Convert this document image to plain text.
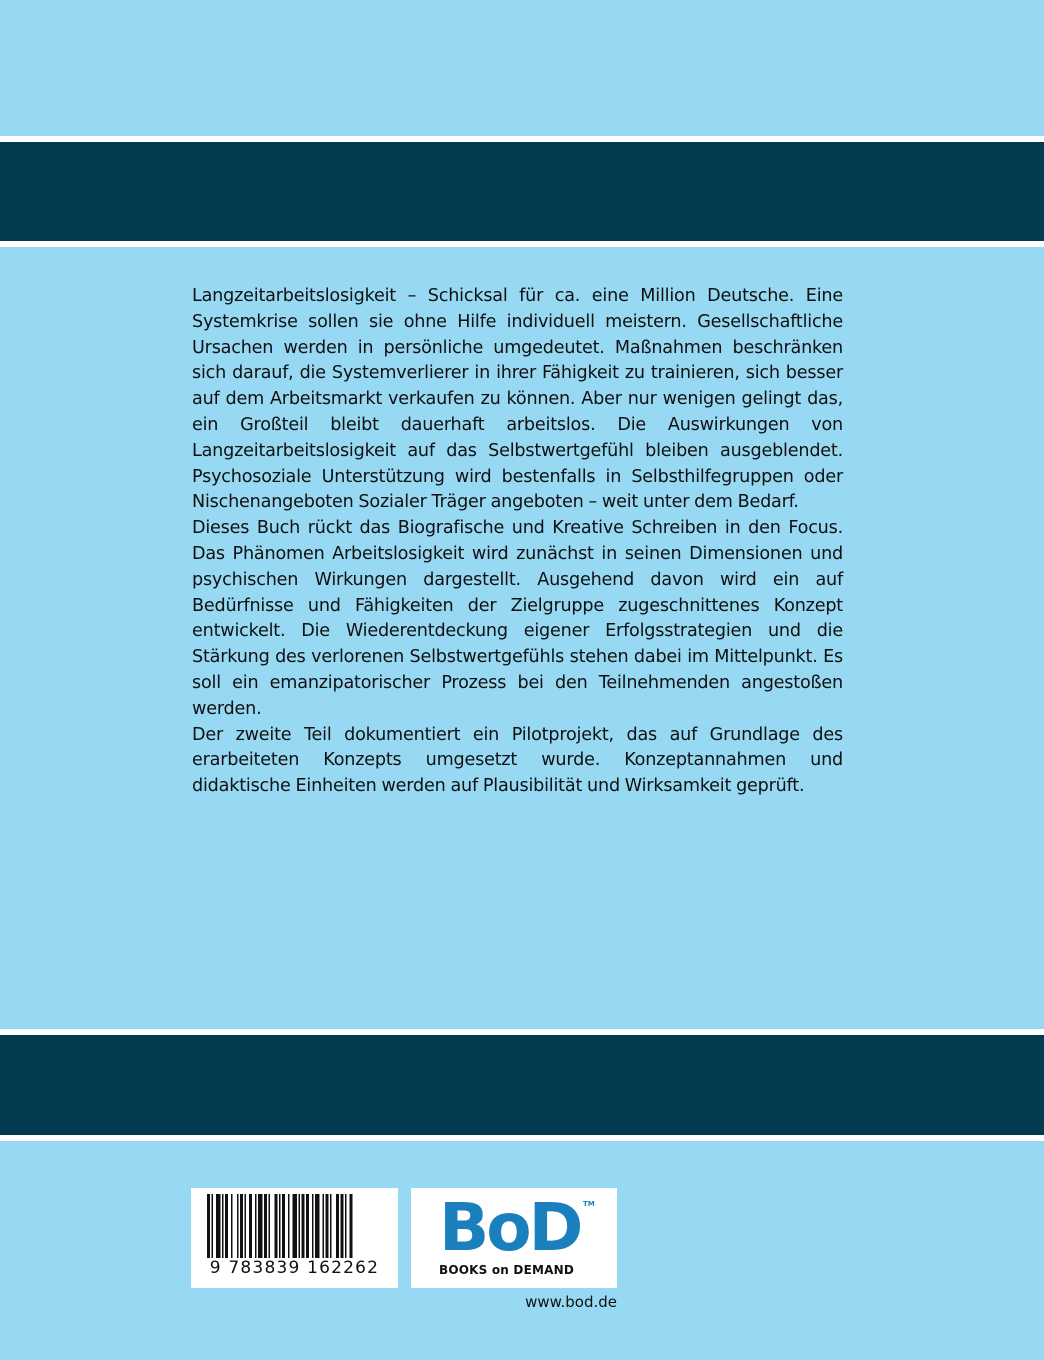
Langzeitarbeitslosigkeit – Schicksal für ca. eine Million Deutsche. Eine Systemkrise sollen sie ohne Hilfe individuell meistern. Gesellschaftliche Ursachen werden in persönliche umgedeutet. Maßnahmen beschränken sich darauf, die Systemverlierer in ihrer Fähigkeit zu trainieren, sich besser auf dem Arbeitsmarkt verkaufen zu können. Aber nur wenigen gelingt das, ein Großteil bleibt dauerhaft arbeitslos. Die Auswirkungen von Langzeitarbeitslosigkeit auf das Selbstwertgefühl bleiben ausgeblendet. Psychosoziale Unterstützung wird bestenfalls in Selbsthilfegruppen oder Nischenangeboten Sozialer Träger angeboten – weit unter dem Bedarf.

Dieses Buch rückt das Biografische und Kreative Schreiben in den Focus. Das Phänomen Arbeitslosigkeit wird zunächst in seinen Dimensionen und psychischen Wirkungen dargestellt. Ausgehend davon wird ein auf Bedürfnisse und Fähigkeiten der Zielgruppe zugeschnittenes Konzept entwickelt. Die Wiederentdeckung eigener Erfolgsstrategien und die Stärkung des verlorenen Selbstwertgefühls stehen dabei im Mittelpunkt. Es soll ein emanzipatorischer Prozess bei den Teilnehmenden angestoßen werden.

Der zweite Teil dokumentiert ein Pilotprojekt, das auf Grundlage des erarbeiteten Konzepts umgesetzt wurde. Konzeptannahmen und didaktische Einheiten werden auf Plausibilität und Wirksamkeit geprüft.

9 783839 162262
BoD TM
BOOKS on DEMAND
www.bod.de
